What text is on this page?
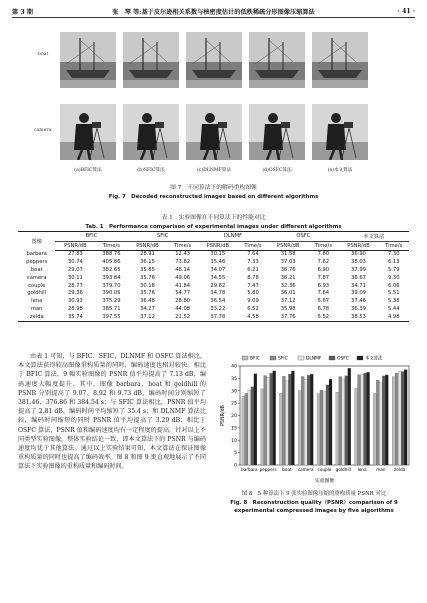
第 3 期	张　琴 等:基于皮尔逊相关系数与核密度估计的低秩稀疏分形图像压缩算法	· 41 ·
boat
camera
(a)BFIC算法	(b)SFIC算法	(c)DLNMF算法	(d)OSFC算法	(e)本文算法
图 7　不同算法下的解码重构图像
Fig. 7　Decoded reconstructed images based on different algorithms
表 1　实验图像在不同算法下的性能对比
Tab. 1　Performance comparison of experimental images under different algorithms
图像	BFIC		SFIC		DLNMF		OSFC		本文算法	
	PSNR/dB	Time/s	PSNR/dB	Time/s	PSNR/dB	Time/s	PSNR/dB	Time/s	PSNR/dB	Time/s
barbara	27.83	388.76	28.91	12.43	30.15	7.64	31.58	7.80	36.90	7.30
peppers	30.74	405.86	36.15	73.82	35.46	7.33	37.03	7.62	38.03	6.13
boat	29.07	382.65	35.85	48.14	34.07	6.21	36.76	6.90	37.99	5.79
camera	30.11	393.84	35.76	49.06	34.55	8.78	36.21	7.87	36.67	9.30
couple	28.77	379.70	30.18	41.84	29.62	7.47	32.36	6.93	34.71	6.06
goldhill	29.36	390.05	35.76	54.77	34.78	5.80	36.01	7.64	39.09	5.51
lena	30.93	375.29	36.48	28.80	36.54	9.09	37.12	5.67	37.46	5.38
man	28.98	385.71	34.27	44.08	33.22	6.52	35.98	6.78	36.39	5.44
zelda	35.74	397.55	37.12	21.52	37.78	4.58	37.76	5.52	38.53	4.98
由表 1 可知，与 BFIC、SFIC、DLNMF 和 OSFC 算法相比，本文算法获得较高图像重构质量的同时，编码速度也相对较快。相比于 BFIC 算法，9 幅实验图像的 PSNR 值平均提高了 7.13 dB，编码速度大幅度提升。其中，图像 barbara、boat 和 goldhill 的 PSNR 分别提高了 9.07、8.92 和 9.73 dB，编码时间分别缩短了 381.46、376.86 和 384.54 s；与 SFIC 算法相比，PSNR 值平均提高了 2.81 dB，编码时间平均缩短了 35.4 s；和 DLNMF 算法比较，编码时间缩短的同时 PSNR 值平均提高了 3.29 dB；相比于 OSFC 算法，PSNR 值和编码速度均有一定程度的提高。针对以上不同类型实验图像，整体实验结论一致，即本文算法下的 PSNR 与编码速度均优于其他算法。通过以上实验结果可知，本文算法在保证图像重构质量的同时也提高了编码效率。图 8 和图 9 更直观地展示了不同算法下实验图像的重构质量和编码时间。	0
5
10
15
20
25
30
35
40
PSNR/dB
barbara peppers boat camera couple goldhill lena man zelda
实验图像
BFIC	SFIC	DLNMF	OSFC	本文算法
图 8　5 种算法下 9 张实验图像压缩的重构质量 PSNR 对比
Fig. 8　Reconstruction quality（PSNR）comparison of 9 experimental compressed images by five algorithms
